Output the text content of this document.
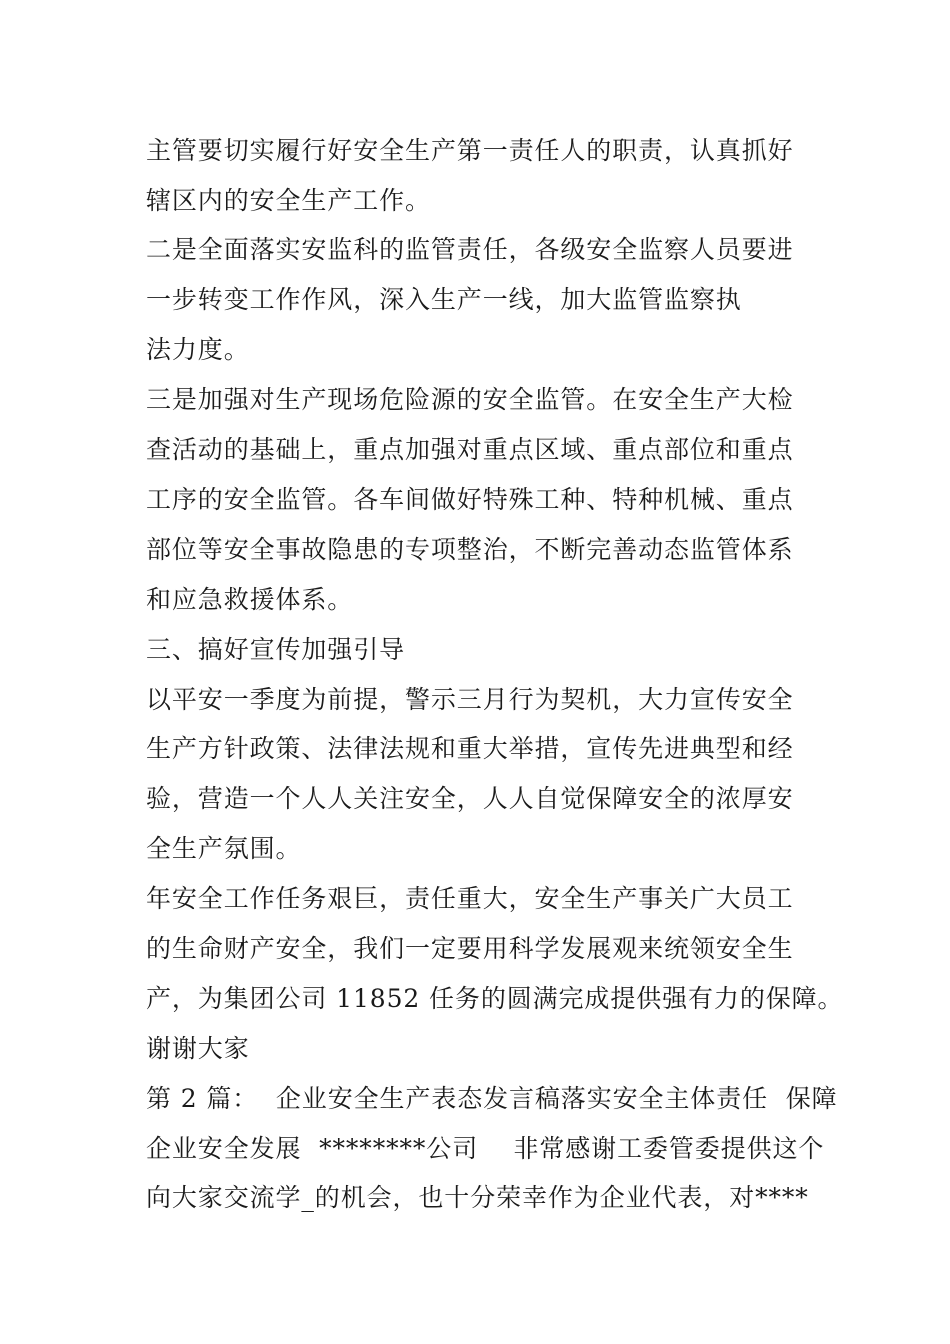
主管要切实履行好安全生产第一责任人的职责，认真抓好
辖区内的安全生产工作。
二是全面落实安监科的监管责任，各级安全监察人员要进
一步转变工作作风，深入生产一线，加大监管监察执
法力度。
三是加强对生产现场危险源的安全监管。在安全生产大检
查活动的基础上，重点加强对重点区域、重点部位和重点
工序的安全监管。各车间做好特殊工种、特种机械、重点
部位等安全事故隐患的专项整治，不断完善动态监管体系
和应急救援体系。
三、搞好宣传加强引导
以平安一季度为前提，警示三月行为契机，大力宣传安全
生产方针政策、法律法规和重大举措，宣传先进典型和经
验，营造一个人人关注安全，人人自觉保障安全的浓厚安
全生产氛围。
年安全工作任务艰巨，责任重大，安全生产事关广大员工
的生命财产安全，我们一定要用科学发展观来统领安全生
产，为集团公司 11852 任务的圆满完成提供强有力的保障。
谢谢大家
第 2 篇：  企业安全生产表态发言稿落实安全主体责任  保障
企业安全发展  ********公司    非常感谢工委管委提供这个
向大家交流学_的机会，也十分荣幸作为企业代表，对****
